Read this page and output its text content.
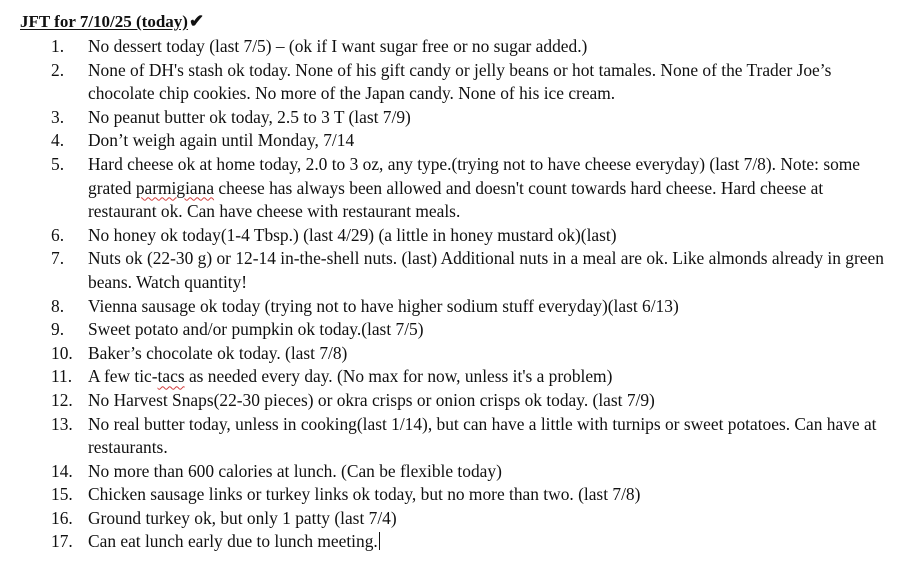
JFT for 7/10/25 (today)✔
1.	No dessert today (last 7/5) – (ok if I want sugar free or no sugar added.)
2.	None of DH's stash ok today. None of his gift candy or jelly beans or hot tamales. None of the Trader Joe’s chocolate chip cookies. No more of the Japan candy. None of his ice cream.
3.	No peanut butter ok today, 2.5 to 3 T (last 7/9)
4.	Don’t weigh again until Monday, 7/14
5.	Hard cheese ok at home today, 2.0 to 3 oz, any type.(trying not to have cheese everyday) (last 7/8). Note: some grated parmigiana cheese has always been allowed and doesn't count towards hard cheese. Hard cheese at restaurant ok. Can have cheese with restaurant meals.
6.	No honey ok today(1-4 Tbsp.) (last 4/29) (a little in honey mustard ok)(last)
7.	Nuts ok (22-30 g) or 12-14 in-the-shell nuts. (last) Additional nuts in a meal are ok. Like almonds already in green beans. Watch quantity!
8.	Vienna sausage ok today (trying not to have higher sodium stuff everyday)(last 6/13)
9.	Sweet potato and/or pumpkin ok today.(last 7/5)
10. Baker’s chocolate ok today. (last 7/8)
11. A few tic-tacs as needed every day. (No max for now, unless it's a problem)
12. No Harvest Snaps(22-30 pieces) or okra crisps or onion crisps ok today. (last 7/9)
13. No real butter today, unless in cooking(last 1/14), but can have a little with turnips or sweet potatoes. Can have at restaurants.
14. No more than 600 calories at lunch. (Can be flexible today)
15. Chicken sausage links or turkey links ok today, but no more than two. (last 7/8)
16. Ground turkey ok, but only 1 patty (last 7/4)
17. Can eat lunch early due to lunch meeting.
